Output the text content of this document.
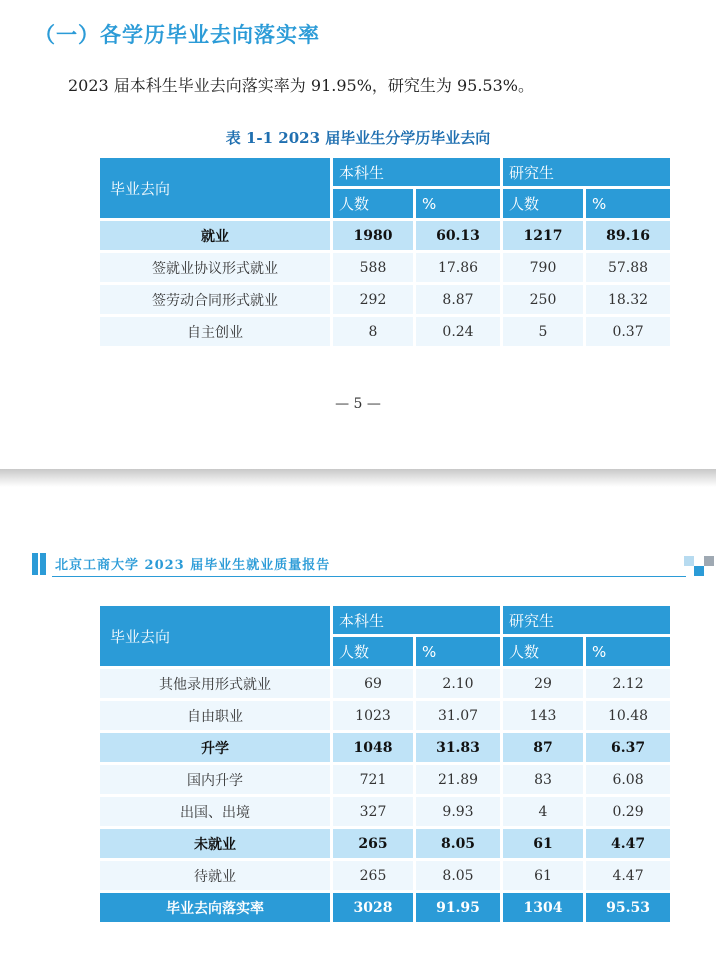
（一）各学历毕业去向落实率
2023 届本科生毕业去向落实率为 91.95%，研究生为 95.53%。
表 1-1 2023 届毕业生分学历毕业去向
毕业去向	本科生		研究生	
	人数	%	人数	%
就业	1980	60.13	1217	89.16
签就业协议形式就业	588	17.86	790	57.88
签劳动合同形式就业	292	8.87	250	18.32
自主创业	8	0.24	5	0.37
— 5 —
北京工商大学 2023 届毕业生就业质量报告
毕业去向	本科生		研究生	
	人数	%	人数	%
其他录用形式就业	69	2.10	29	2.12
自由职业	1023	31.07	143	10.48
升学	1048	31.83	87	6.37
国内升学	721	21.89	83	6.08
出国、出境	327	9.93	4	0.29
未就业	265	8.05	61	4.47
待就业	265	8.05	61	4.47
毕业去向落实率	3028	91.95	1304	95.53
